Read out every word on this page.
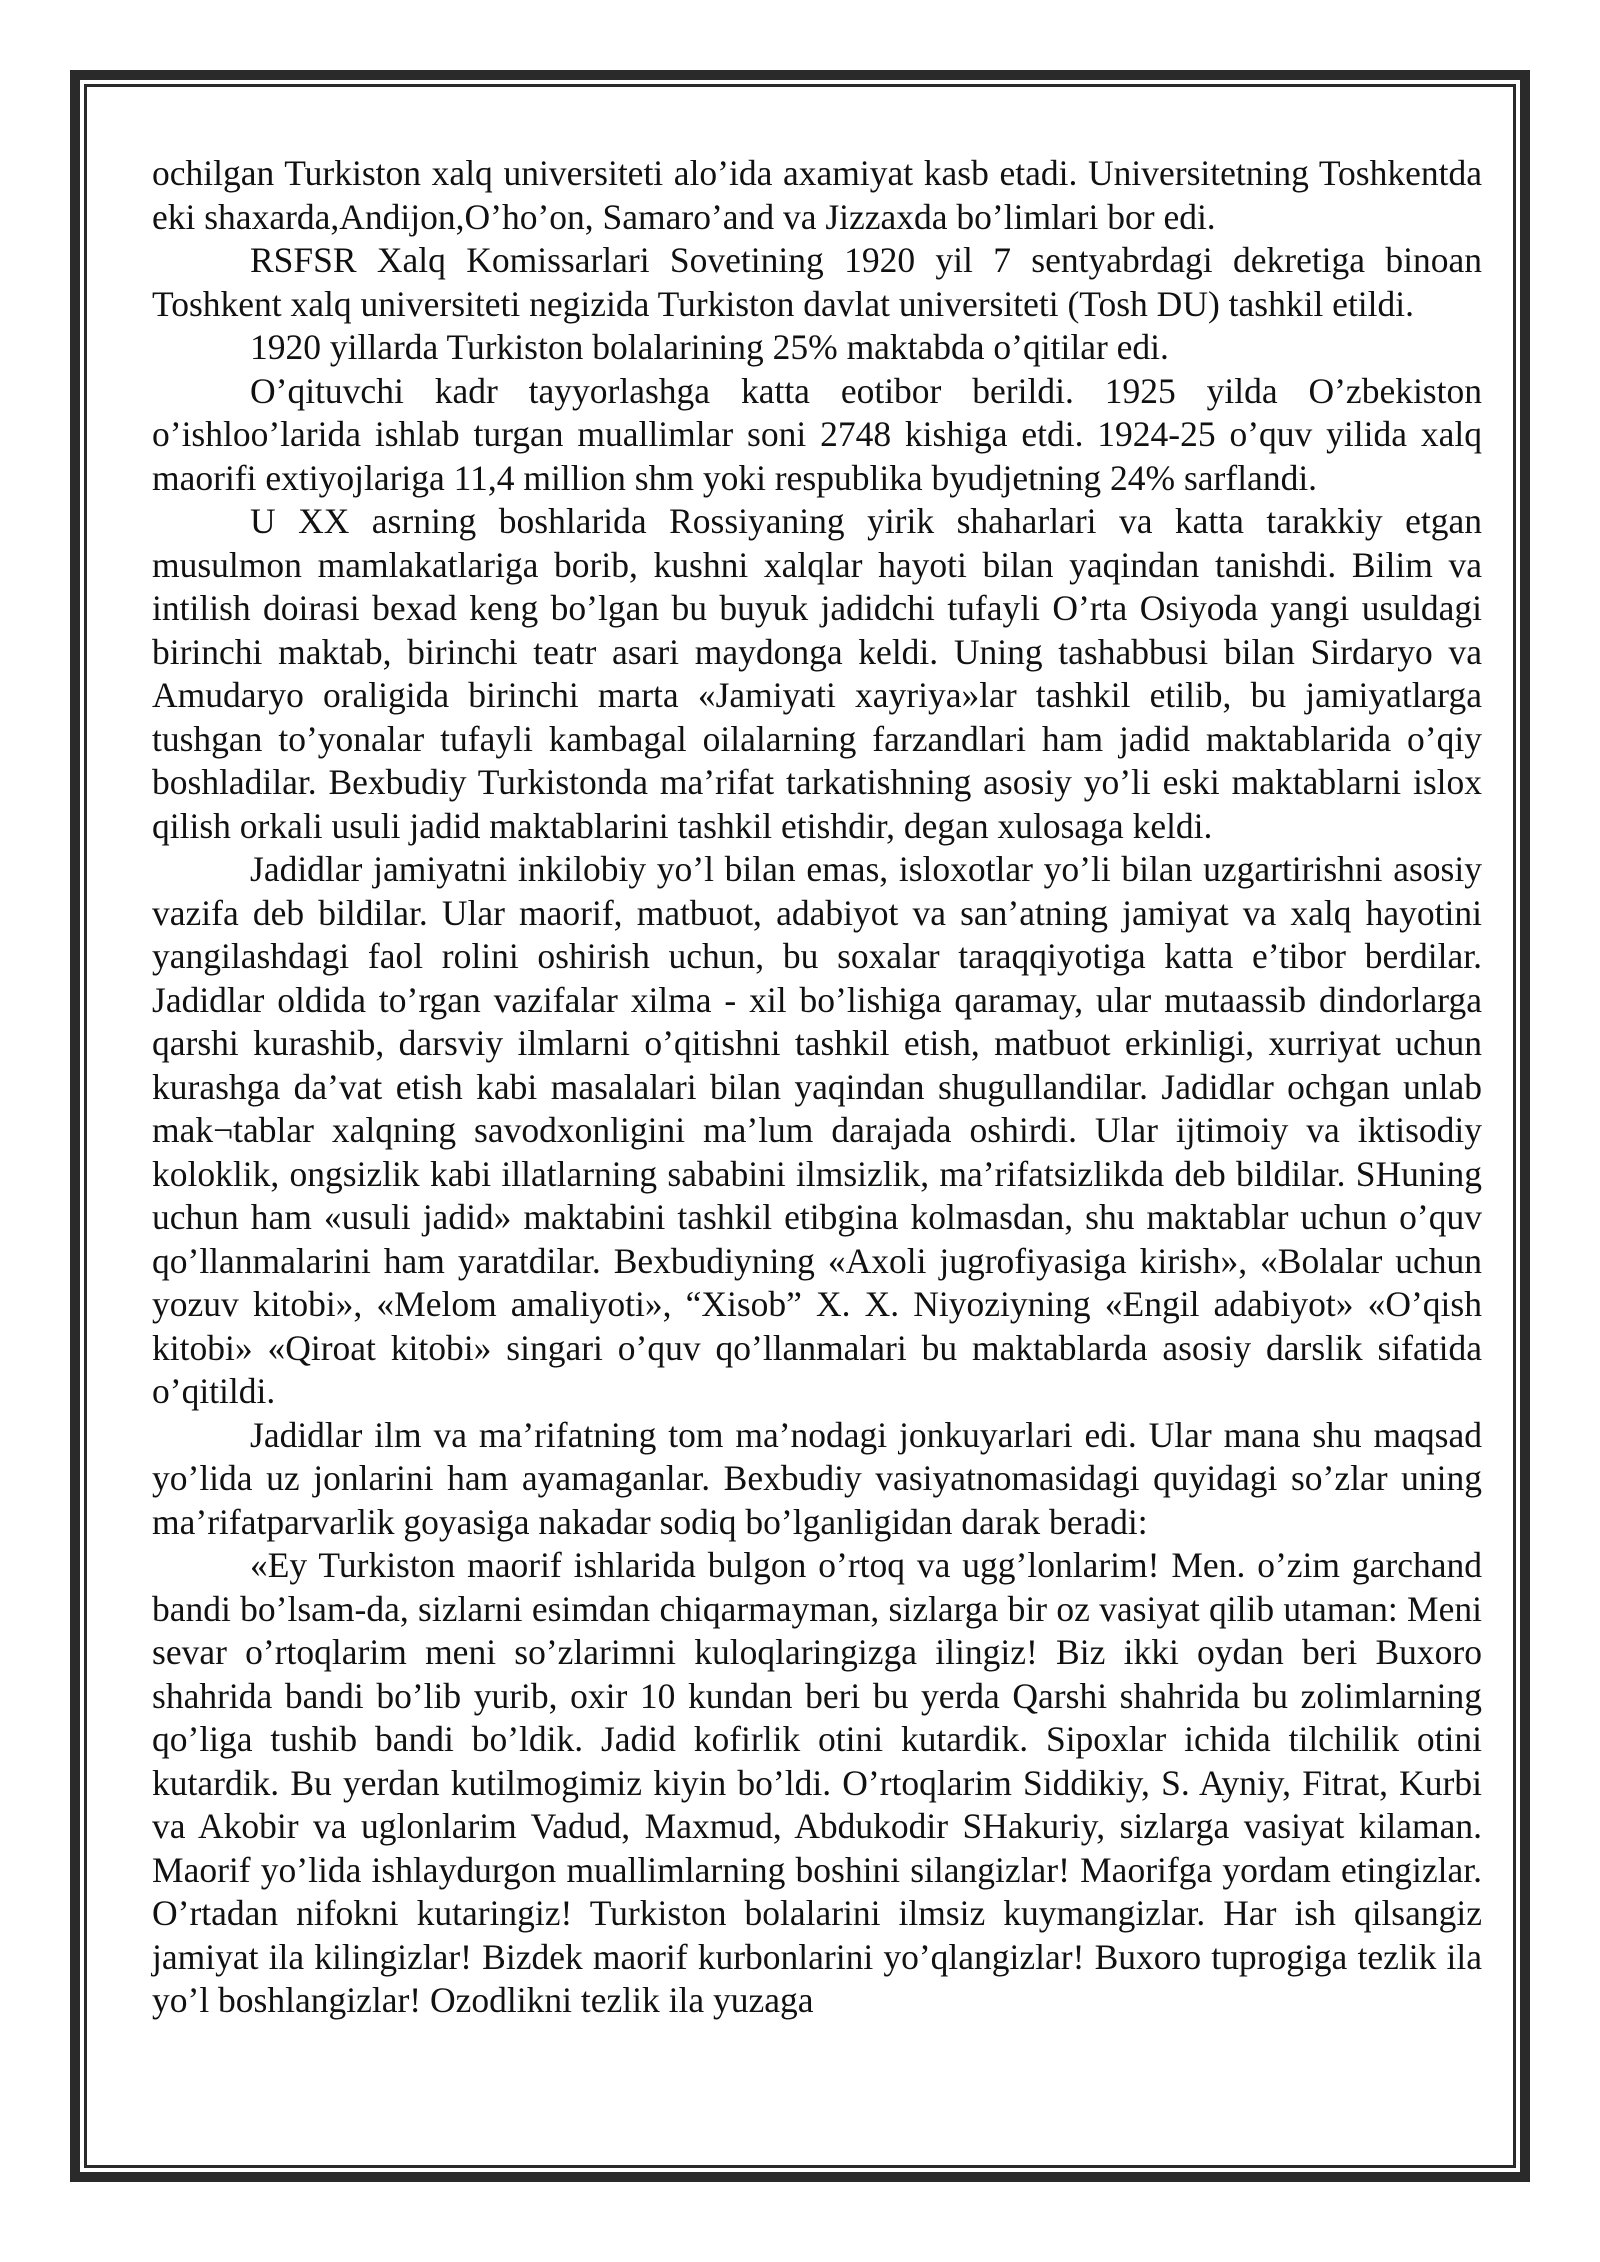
ochilgan Turkiston xalq universiteti alo’ida axamiyat kasb etadi. Universitetning Toshkentda eki shaxarda,Andijon,O’ho’on, Samaro’and va Jizzaxda bo’limlari bor edi.

RSFSR Xalq Komissarlari Sovetining 1920 yil 7 sentyabrdagi dekretiga binoan Toshkent xalq universiteti negizida Turkiston davlat universiteti (Tosh DU) tashkil etildi.

1920 yillarda Turkiston bolalarining 25% maktabda o’qitilar edi.

O’qituvchi kadr tayyorlashga katta eotibor berildi. 1925 yilda O’zbekiston o’ishloo’larida ishlab turgan muallimlar soni 2748 kishiga etdi. 1924-25 o’quv yilida xalq maorifi extiyojlariga 11,4 million shm yoki respublika byudjetning 24% sarflandi.

U XX asrning boshlarida Rossiyaning yirik shaharlari va katta tarakkiy etgan musulmon mamlakatlariga borib, kushni xalqlar hayoti bilan yaqindan tanishdi. Bilim va intilish doirasi bexad keng bo’lgan bu buyuk jadidchi tufayli O’rta Osiyoda yangi usuldagi birinchi maktab, birinchi teatr asari maydonga keldi. Uning tashabbusi bilan Sirdaryo va Amudaryo oraligida birinchi marta «Jamiyati xayriya»lar tashkil etilib, bu jamiyatlarga tushgan to’yonalar tufayli kambagal oilalarning farzandlari ham jadid maktablarida o’qiy boshladilar. Bexbudiy Turkistonda ma’rifat tarkatishning asosiy yo’li eski maktablarni islox qilish orkali usuli jadid maktablarini tashkil etishdir, degan xulosaga keldi.

Jadidlar jamiyatni inkilobiy yo’l bilan emas, isloxotlar yo’li bilan uzgartirishni asosiy vazifa deb bildilar. Ular maorif, matbuot, adabiyot va san’atning jamiyat va xalq hayotini yangilashdagi faol rolini oshirish uchun, bu soxalar taraqqiyotiga katta e’tibor berdilar. Jadidlar oldida to’rgan vazifalar xilma - xil bo’lishiga qaramay, ular mutaassib dindorlarga qarshi kurashib, darsviy ilmlarni o’qitishni tashkil etish, matbuot erkinligi, xurriyat uchun kurashga da’vat etish kabi masalalari bilan yaqindan shugullandilar. Jadidlar ochgan unlab mak¬tablar xalqning savodxonligini ma’lum darajada oshirdi. Ular ijtimoiy va iktisodiy koloklik, ongsizlik kabi illatlarning sababini ilmsizlik, ma’rifatsizlikda deb bildilar. SHuning uchun ham «usuli jadid» maktabini tashkil etibgina kolmasdan, shu maktablar uchun o’quv qo’llanmalarini ham yaratdilar. Bexbudiyning «Axoli jugrofiyasiga kirish», «Bolalar uchun yozuv kitobi», «Melom amaliyoti», “Xisob” X. X. Niyoziyning «Engil adabiyot» «O’qish kitobi» «Qiroat kitobi» singari o’quv qo’llanmalari bu maktablarda asosiy darslik sifatida o’qitildi.

Jadidlar ilm va ma’rifatning tom ma’nodagi jonkuyarlari edi. Ular mana shu maqsad yo’lida uz jonlarini ham ayamaganlar. Bexbudiy vasiyatnomasidagi quyidagi so’zlar uning ma’rifatparvarlik goyasiga nakadar sodiq bo’lganligidan darak beradi:

«Ey Turkiston maorif ishlarida bulgon o’rtoq va ugg’lonlarim! Men. o’zim garchand bandi bo’lsam-da, sizlarni esimdan chiqarmayman, sizlarga bir oz vasiyat qilib utaman: Meni sevar o’rtoqlarim meni so’zlarimni kuloqlaringizga ilingiz! Biz ikki oydan beri Buxoro shahrida bandi bo’lib yurib, oxir 10 kundan beri bu yerda Qarshi shahrida bu zolimlarning qo’liga tushib bandi bo’ldik. Jadid kofirlik otini kutardik. Sipoxlar ichida tilchilik otini kutardik. Bu yerdan kutilmogimiz kiyin bo’ldi. O’rtoqlarim Siddikiy, S. Ayniy, Fitrat, Kurbi va Akobir va uglonlarim Vadud, Maxmud, Abdukodir SHakuriy, sizlarga vasiyat kilaman. Maorif yo’lida ishlaydurgon muallimlarning boshini silangizlar! Maorifga yordam etingizlar. O’rtadan nifokni kutaringiz! Turkiston bolalarini ilmsiz kuymangizlar. Har ish qilsangiz jamiyat ila kilingizlar! Bizdek maorif kurbonlarini yo’qlangizlar! Buxoro tuprogiga tezlik ila yo’l boshlangizlar! Ozodlikni tezlik ila yuzaga
